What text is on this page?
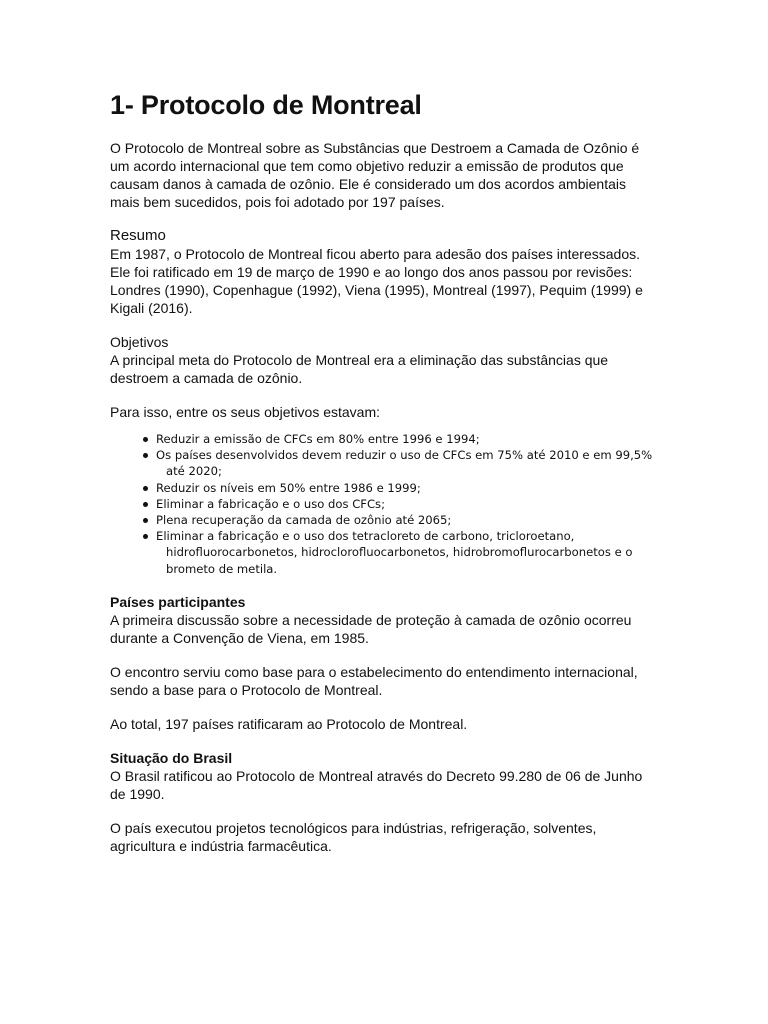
1- Protocolo de Montreal

O Protocolo de Montreal sobre as Substâncias que Destroem a Camada de Ozônio é um acordo internacional que tem como objetivo reduzir a emissão de produtos que causam danos à camada de ozônio. Ele é considerado um dos acordos ambientais mais bem sucedidos, pois foi adotado por 197 países.

Resumo

Em 1987, o Protocolo de Montreal ficou aberto para adesão dos países interessados. Ele foi ratificado em 19 de março de 1990 e ao longo dos anos passou por revisões: Londres (1990), Copenhague (1992), Viena (1995), Montreal (1997), Pequim (1999) e Kigali (2016).

Objetivos

A principal meta do Protocolo de Montreal era a eliminação das substâncias que destroem a camada de ozônio.

Para isso, entre os seus objetivos estavam:

Reduzir a emissão de CFCs em 80% entre 1996 e 1994;
Os países desenvolvidos devem reduzir o uso de CFCs em 75% até 2010 e em 99,5% até 2020;
Reduzir os níveis em 50% entre 1986 e 1999;
Eliminar a fabricação e o uso dos CFCs;
Plena recuperação da camada de ozônio até 2065;
Eliminar a fabricação e o uso dos tetracloreto de carbono, tricloroetano, hidrofluorocarbonetos, hidroclorofluocarbonetos, hidrobromoflurocarbonetos e o brometo de metila.

Países participantes

A primeira discussão sobre a necessidade de proteção à camada de ozônio ocorreu durante a Convenção de Viena, em 1985.

O encontro serviu como base para o estabelecimento do entendimento internacional, sendo a base para o Protocolo de Montreal.

Ao total, 197 países ratificaram ao Protocolo de Montreal.

Situação do Brasil

O Brasil ratificou ao Protocolo de Montreal através do Decreto 99.280 de 06 de Junho de 1990.

O país executou projetos tecnológicos para indústrias, refrigeração, solventes, agricultura e indústria farmacêutica.
